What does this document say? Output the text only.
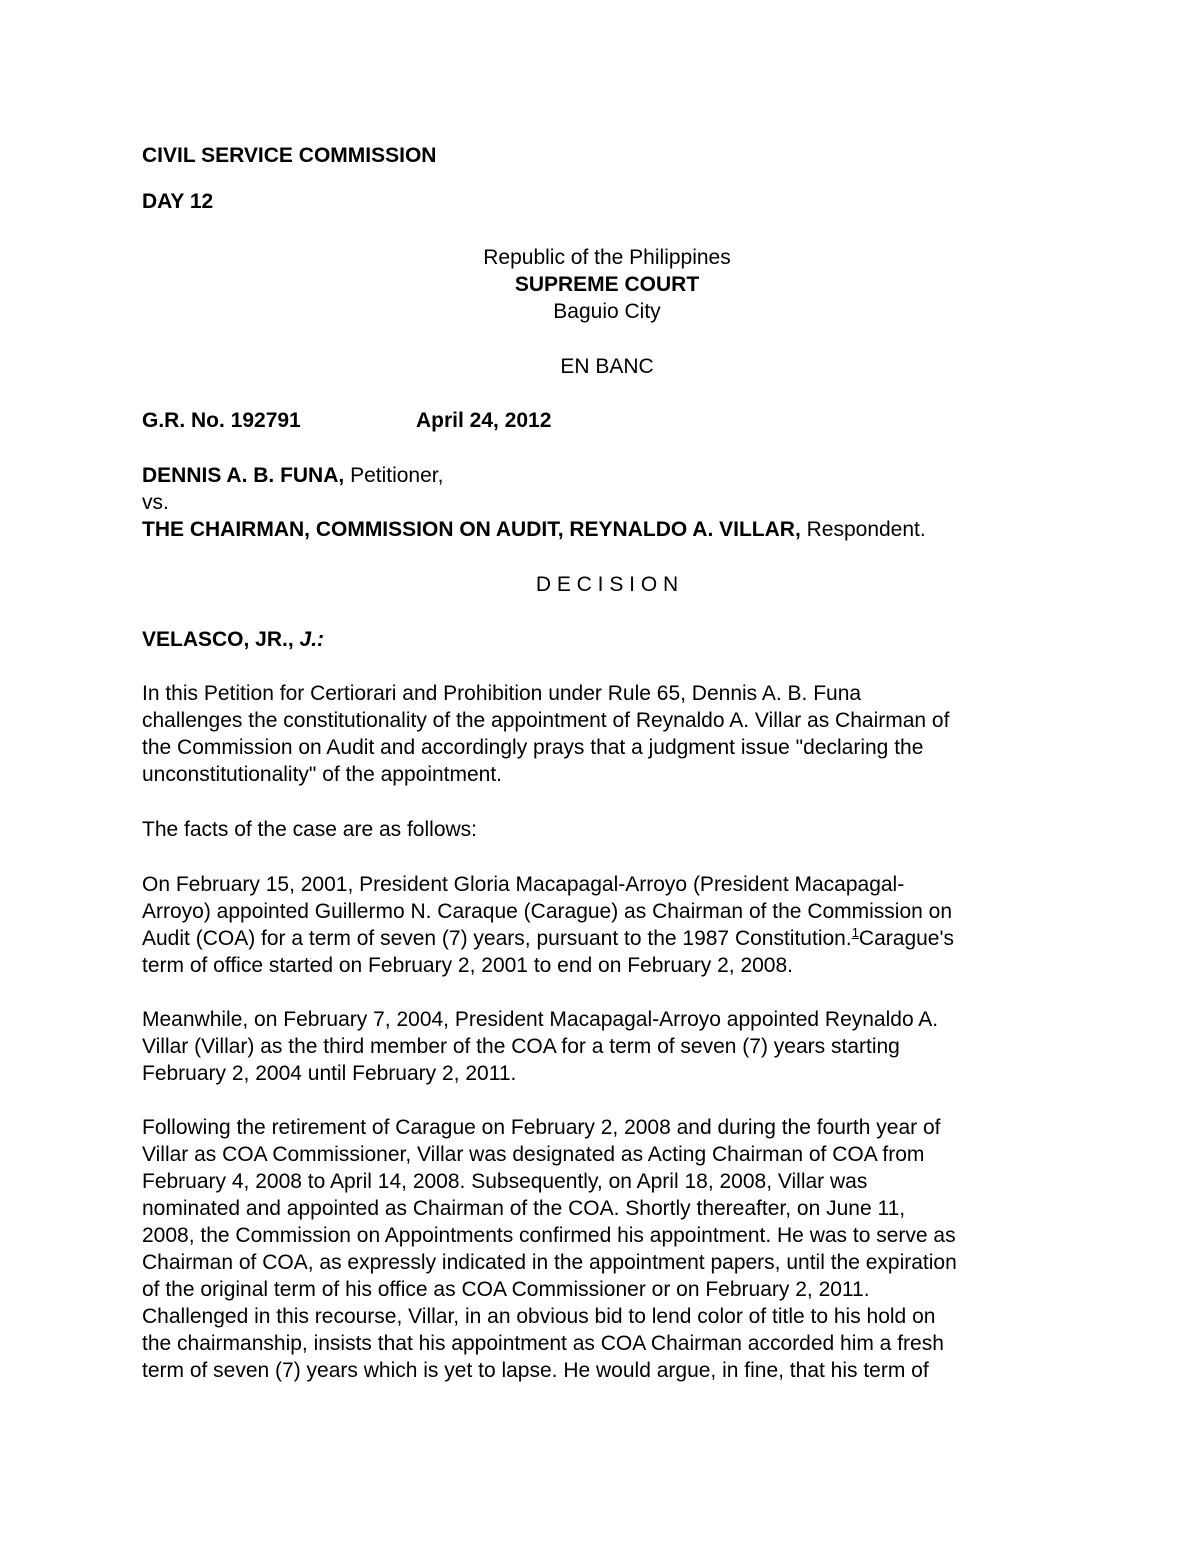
CIVIL SERVICE COMMISSION
DAY 12
Republic of the Philippines
SUPREME COURT
Baguio City
EN BANC
G.R. No. 192791	April 24, 2012
DENNIS A. B. FUNA, Petitioner,
vs.
THE CHAIRMAN, COMMISSION ON AUDIT, REYNALDO A. VILLAR, Respondent.
D E C I S I O N
VELASCO, JR., J.:
In this Petition for Certiorari and Prohibition under Rule 65, Dennis A. B. Funa
challenges the constitutionality of the appointment of Reynaldo A. Villar as Chairman of
the Commission on Audit and accordingly prays that a judgment issue "declaring the
unconstitutionality" of the appointment.
The facts of the case are as follows:
On February 15, 2001, President Gloria Macapagal-Arroyo (President Macapagal-
Arroyo) appointed Guillermo N. Caraque (Carague) as Chairman of the Commission on
Audit (COA) for a term of seven (7) years, pursuant to the 1987 Constitution.$^1$Carague's
term of office started on February 2, 2001 to end on February 2, 2008.
Meanwhile, on February 7, 2004, President Macapagal-Arroyo appointed Reynaldo A.
Villar (Villar) as the third member of the COA for a term of seven (7) years starting
February 2, 2004 until February 2, 2011.
Following the retirement of Carague on February 2, 2008 and during the fourth year of
Villar as COA Commissioner, Villar was designated as Acting Chairman of COA from
February 4, 2008 to April 14, 2008. Subsequently, on April 18, 2008, Villar was
nominated and appointed as Chairman of the COA. Shortly thereafter, on June 11,
2008, the Commission on Appointments confirmed his appointment. He was to serve as
Chairman of COA, as expressly indicated in the appointment papers, until the expiration
of the original term of his office as COA Commissioner or on February 2, 2011.
Challenged in this recourse, Villar, in an obvious bid to lend color of title to his hold on
the chairmanship, insists that his appointment as COA Chairman accorded him a fresh
term of seven (7) years which is yet to lapse. He would argue, in fine, that his term of
